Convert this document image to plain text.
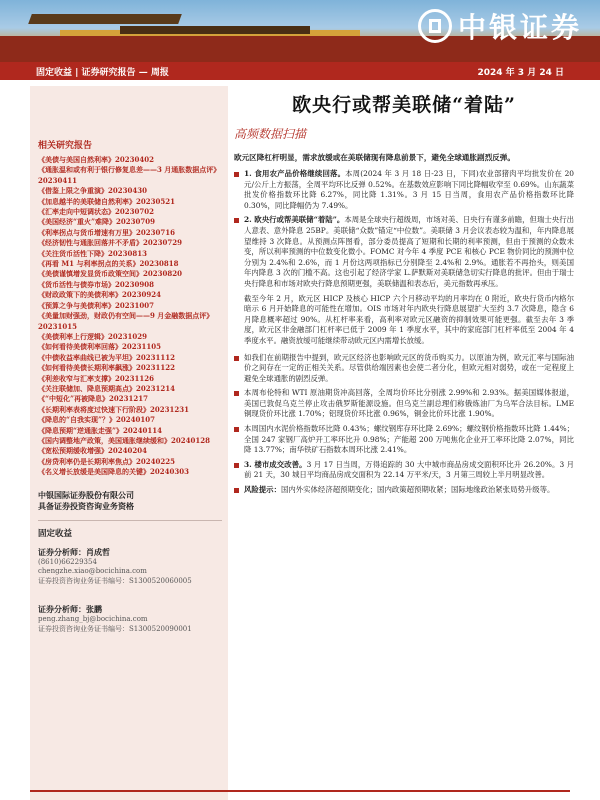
中银证券
固定收益 | 证券研究报告 — 周报	2024 年 3 月 24 日
相关研究报告
《美债与美国自然利率》20230402
《通胀温和或有利于银行修复息差——3 月通胀数据点评》20230411
《借鉴上限之争重演》20230430
《加息越半的美联储自然利率》20230521
《汇率走向中短调状态》20230702
《美国经济“重火”难降》20230709
《利率拐点与货币增速有万里》20230716
《经济韧性与通胀回落并不矛盾》20230729
《关注货币活性下降》20230813
《再看 M1 与利率拐点的关系》20230818
《美债谨慎增发显货币政策空间》20230820
《货币活性与债券市场》20230908
《财政政策下的美债利率》20230924
《预算之争与美债利率》20231007
《美量加财强劲，财政仍有空间——9 月金融数据点评》20231015
《美债利率上行逻辑》20231029
《如何看待美债利率回落》20231105
《中债收益率曲线已被为平坦》20231112
《如何看待美债长期利率飙涨》20231122
《利差收窄与汇率支撑》20231126
《关注联储加、降息预期高点》20231214
《“中短化”再被降息》20231217
《长期利率表将度过快速下行阶段》20231231
《降息的“自我实现”？》20240107
《降息预期“逆通胀走强”》20240114
《国内调整地产政策，美国通胀继续缓和》20240128
《宽松预期缓收增强》20240204
《房贷利率仍是长期利率焦点》20240225
《名义增长放缓是美国降息的关键》20240303
中银国际证券股份有限公司
具备证券投资咨询业务资格
固定收益
证券分析师：肖成哲
(8610)66229354
chengzhe.xiao@bocichina.com
证券投资咨询业务证书编号：S1300520060005
证券分析师：张鹏
peng.zhang_bj@bocichina.com
证券投资咨询业务证书编号：S1300520090001
欧央行或帮美联储“着陆”
高频数据扫描

欧元区降杠杆明显，需求放缓或在美联储现有降息前景下，避免全球通胀剧烈反弹。

1. 食用农产品价格继续回落。本周(2024 年 3 月 18 日-23 日，下同)农业部猪肉平均批发价在 20 元/公斤上方振荡，全周平均环比反弹 0.52%。在基数效应影响下同比降幅收窄至 0.69%。山东蔬菜批发价格指数环比降 6.27%，同比降 1.31%。3 月 15 日当周，食用农产品价格指数环比降 0.30%，同比降幅仍为 7.49%。
2. 欧央行或帮美联储“着陆”。本周是全球央行超级周，市场对美、日央行有谨多前瞻，但瑞士央行出人意表、意外降息 25BP。美联储“众数”锚定“中位数”。美联储 3 月会议表态较为温和，年内降息展望维持 3 次降息。从预测点阵图看，部分委员提高了短期和长期的利率预测，但由于预测的众数未变，所以利率预测的中位数变化微小。FOMC 对今年 4 季度 PCE 和核心 PCE 物价同比的预测中位分别为 2.4%和 2.6%，而 1 月份这两项指标已分别降至 2.4%和 2.9%。通胀若不再抬头，则美国年内降息 3 次的门槛不高。这也引起了经济学家 L.萨默斯对美联储急切实行降息的批评。但由于瑞士央行降息和市场对欧央行降息预期更强，美联储温和表态后，美元指数再承压。

截至今年 2 月，欧元区 HICP 及核心 HICP 六个月移动平均的月率均在 0 附近，欧央行货币内格尔暗示 6 月开始降息的可能性在增加。OIS 市场对年内欧央行降息展望扩大至约 3.7 次降息，隐含 6 月降息概率超过 90%。从杠杆率来看，高利率对欧元区融资的抑制效果可能更强。截至去年 3 季度，欧元区非金融部门杠杆率已低于 2009 年 1 季度水平，其中的家庭部门杠杆率低至 2004 年 4 季度水平。融资放缓可能继续带动欧元区内需增长放缓。

如我们在前期报告中提到，欧元区经济也影响欧元区的货币购买力。以原油为例，欧元汇率与国际油价之间存在一定的正相关关系。尽管供给端因素也会使二者分化，但欧元相对弱势，或在一定程度上避免全球通胀的剧烈反弹。
本周布伦特和 WTI 原油期货冲高回落，全周均价环比分别涨 2.99%和 2.93%。据美国媒体报道，美国已敦促乌克兰停止攻击俄罗斯能源设施。但乌克兰副总理们称俄炼油厂为乌军合法目标。LME 铜现货价环比涨 1.70%；铝现货价环比涨 0.96%，铜金比价环比涨 1.90%。
本周国内水泥价格指数环比降 0.43%；螺纹钢库存环比降 2.69%；螺纹钢价格指数环比降 1.44%；全国 247 家钢厂高炉开工率环比升 0.98%；产能超 200 万吨焦化企业开工率环比降 2.07%，同比降 13.77%；南华铁矿石指数本周环比涨 2.41%。
3. 楼市成交改善。3 月 17 日当周，万得追踪的 30 大中城市商品房成交面积环比升 26.20%。3 月前 21 天，30 城日平均商品房成交面积为 22.14 万平米/天，3 月第三周较上半月明显改善。
风险提示：国内外实体经济超预期变化；国内政策超预期收紧；国际地缘政治紧张局势升级等。
